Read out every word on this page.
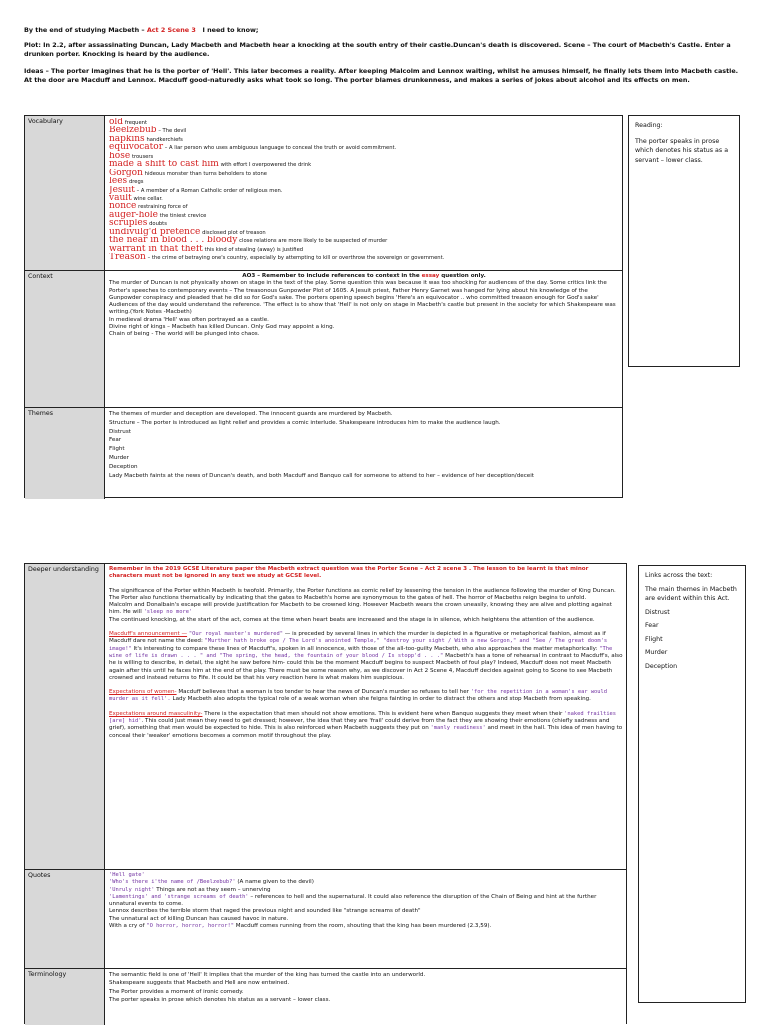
By the end of studying Macbeth – Act 2 Scene 3 I need to know;
Plot: In 2.2, after assassinating Duncan, Lady Macbeth and Macbeth hear a knocking at the south entry of their castle.Duncan's death is discovered. Scene – The court of Macbeth's Castle. Enter a drunken porter. Knocking is heard by the audience.
Ideas – The porter imagines that he is the porter of 'Hell'. This later becomes a reality. After keeping Malcolm and Lennox waiting, whilst he amuses himself, he finally lets them into Macbeth castle. At the door are Macduff and Lennox. Macduff good-naturedly asks what took so long. The porter blames drunkenness, and makes a series of jokes about alcohol and its effects on men.
Vocabulary	old frequent
Beelzebub – The devil
napkins handkerchiefs
equivocator – A liar person who uses ambiguous language to conceal the truth or avoid commitment.
hose trousers
made a shift to cast him with effort I overpowered the drink
Gorgon hideous monster than turns beholders to stone
lees dregs
Jesuit – A member of a Roman Catholic order of religious men.
vault wine cellar.
nonce restraining force of
auger-hole the tiniest crevice
scruples doubts
undivulg'd pretence disclosed plot of treason
the near in blood . . . bloody close relations are more likely to be suspected of murder
warrant in that theft this kind of stealing (away) is justified
Treason – the crime of betraying one's country, especially by attempting to kill or overthrow the sovereign or government.
Context	AO3 – Remember to include references to context in the essay question only.

The murder of Duncan is not physically shown on stage in the text of the play. Some question this was because it was too shocking for audiences of the day. Some critics link the Porter's speeches to contemporary events – The treasonous Gunpowder Plot of 1605. A Jesuit priest, Father Henry Garnet was hanged for lying about his knowledge of the Gunpowder conspiracy and pleaded that he did so for God's sake. The porters opening speech begins 'Here's an equivocator .. who committed treason enough for God's sake' Audiences of the day would understand the reference. 'The effect is to show that 'Hell' is not only on stage in Macbeth's castle but present in the society for which Shakespeare was writing.(York Notes -Macbeth)

In medieval drama 'Hell' was often portrayed as a castle.

Divine right of kings – Macbeth has killed Duncan. Only God may appoint a king.

Chain of being - The world will be plunged into chaos.

Themes	The themes of murder and deception are developed. The innocent guards are murdered by Macbeth.

Structure – The porter is introduced as light relief and provides a comic interlude. Shakespeare introduces him to make the audience laugh.

Distrust

Fear

Flight

Murder

Deception

Lady Macbeth faints at the news of Duncan's death, and both Macduff and Banquo call for someone to attend to her – evidence of her deception/deceit

Reading:

The porter speaks in prose which denotes his status as a servant – lower class.

Deeper understanding	Remember in the 2019 GCSE Literature paper the Macbeth extract question was the Porter Scene – Act 2 scene 3 . The lesson to be learnt is that minor characters must not be ignored in any text we study at GCSE level.

The significance of the Porter within Macbeth is twofold. Primarily, the Porter functions as comic relief by lessening the tension in the audience following the murder of King Duncan. The Porter also functions thematically by indicating that the gates to Macbeth's home are synonymous to the gates of hell. The horror of Macbeths reign begins to unfold.

Malcolm and Donalbain's escape will provide justification for Macbeth to be crowned king. However Macbeth wears the crown uneasily, knowing they are alive and plotting against him. He will 'sleep no more'

The continued knocking, at the start of the act, comes at the time when heart beats are increased and the stage is in silence, which heightens the attention of the audience.

Macduff's announcement — "Our royal master's murdered" — is preceded by several lines in which the murder is depicted in a figurative or metaphorical fashion, almost as if Macduff dare not name the deed: "Murther hath broke ope / The Lord's anointed Temple," "destroy your sight / With a new Gorgon," and "See / The great doom's image!" It's interesting to compare these lines of Macduff's, spoken in all innocence, with those of the all-too-guilty Macbeth, who also approaches the matter metaphorically: "The wine of life is drawn . . . " and "The spring, the head, the fountain of your blood / Is stopp'd . . ." Macbeth's has a tone of rehearsal in contrast to Macduff's, also he is willing to describe, in detail, the sight he saw before him- could this be the moment Macduff begins to suspect Macbeth of foul play? Indeed, Macduff does not meet Macbeth again after this until he faces him at the end of the play. There must be some reason why, as we discover in Act 2 Scene 4, Macduff decides against going to Scone to see Macbeth crowned and instead returns to Fife. It could be that his very reaction here is what makes him suspicious.

Expectations of women- Macduff believes that a woman is too tender to hear the news of Duncan's murder so refuses to tell her 'for the repetition in a woman's ear would murder as it fell'. Lady Macbeth also adopts the typical role of a weak woman when she feigns fainting in order to distract the others and stop Macbeth from speaking.

Expectations around masculinity- There is the expectation that men should not show emotions. This is evident here when Banquo suggests they meet when their 'naked frailties [are] hid'. This could just mean they need to get dressed; however, the idea that they are 'frail' could derive from the fact they are showing their emotions (chiefly sadness and grief), something that men would be expected to hide. This is also reinforced when Macbeth suggests they put on 'manly readiness' and meet in the hall. This idea of men having to conceal their 'weaker' emotions becomes a common motif throughout the play.

Quotes	'Hell gate'

'Who's there i'the name of /Beelzebub?' (A name given to the devil)

'Unruly night' Things are not as they seem – unnerving

'Lamentings' and 'strange screams of death' – references to hell and the supernatural. It could also reference the disruption of the Chain of Being and hint at the further unnatural events to come.

Lennox describes the terrible storm that raged the previous night and sounded like "strange screams of death"

The unnatural act of killing Duncan has caused havoc in nature.

With a cry of "O horror, horror, horror!" Macduff comes running from the room, shouting that the king has been murdered (2.3,59).

Terminology	The semantic field is one of 'Hell' It implies that the murder of the king has turned the castle into an underworld.

Shakespeare suggests that Macbeth and Hell are now entwined.

The Porter provides a moment of ironic comedy.

The porter speaks in prose which denotes his status as a servant – lower class.

Links across the text:

The main themes in Macbeth are evident within this Act.

Distrust

Fear

Flight

Murder

Deception
